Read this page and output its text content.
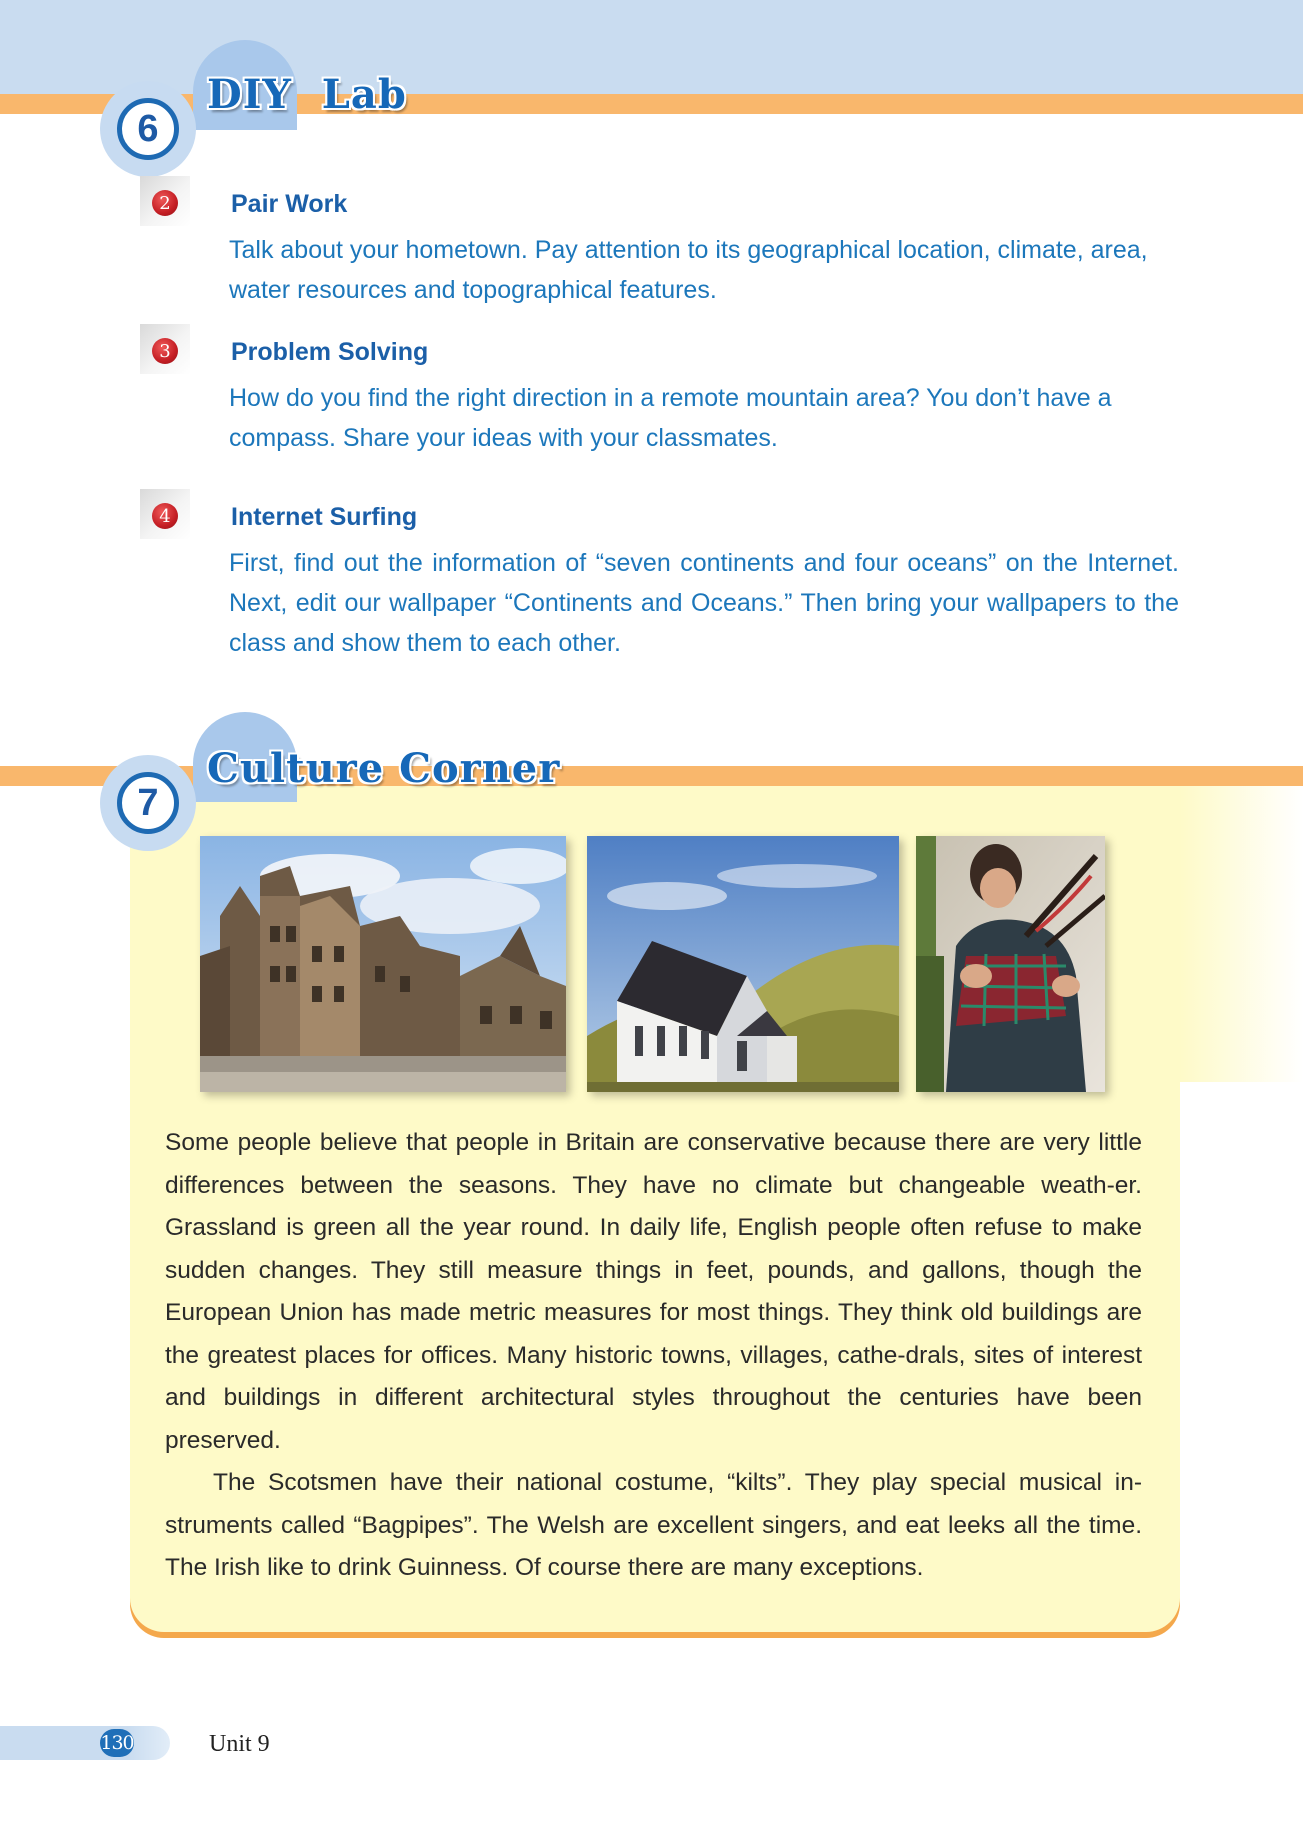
6
DIY  Lab
2 Pair Work
Talk about your hometown. Pay attention to its geographical location, climate, area, water resources and topographical features.
3 Problem Solving
How do you find the right direction in a remote mountain area? You don’t have a compass. Share your ideas with your classmates.
4 Internet Surfing
First, find out the information of “seven continents and four oceans” on the Internet. Next, edit our wallpaper “Continents and Oceans.” Then bring your wallpapers to the class and show them to each other.
7
Culture Corner

Some people believe that people in Britain are conservative because there are very little differences between the seasons. They have no climate but changeable weath-er. Grassland is green all the year round. In daily life, English people often refuse to make sudden changes. They still measure things in feet, pounds, and gallons, though the European Union has made metric measures for most things. They think old buildings are the greatest places for offices. Many historic towns, villages, cathe-drals, sites of interest and buildings in different architectural styles throughout the centuries have been preserved.

The Scotsmen have their national costume, “kilts”. They play special musical in-struments called “Bagpipes”. The Welsh are excellent singers, and eat leeks all the time. The Irish like to drink Guinness. Of course there are many exceptions.

130	Unit 9
